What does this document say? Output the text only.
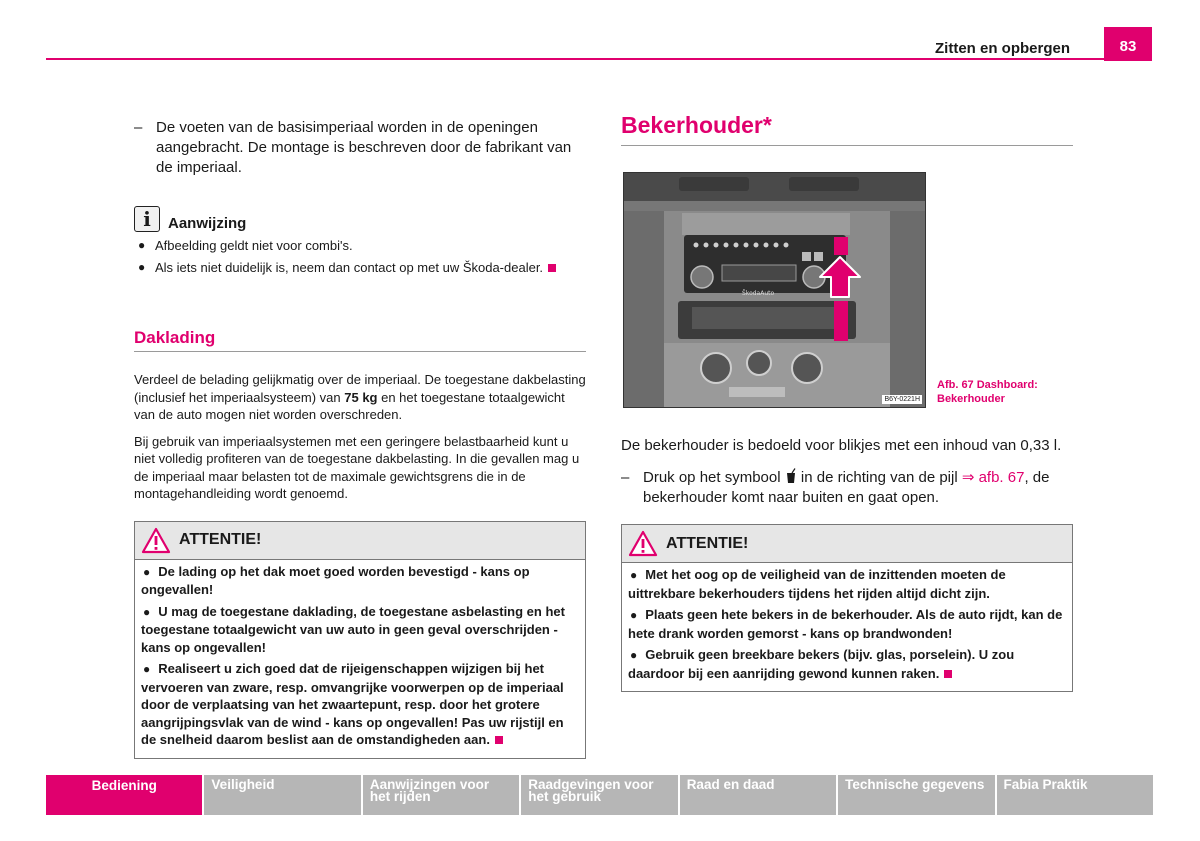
Zitten en opbergen	83
– De voeten van de basisimperiaal worden in de openingen aangebracht. De montage is beschreven door de fabrikant van de imperiaal.
i	Aanwijzing
● Afbeelding geldt niet voor combi's.
● Als iets niet duidelijk is, neem dan contact op met uw Škoda-dealer.
Daklading

Verdeel de belading gelijkmatig over de imperiaal. De toegestane dakbelasting (inclusief het imperiaalsysteem) van 75 kg en het toegestane totaalgewicht van de auto mogen niet worden overschreden.

Bij gebruik van imperiaalsystemen met een geringere belastbaarheid kunt u niet volledig profiteren van de toegestane dakbelasting. In die gevallen mag u de imperiaal maar belasten tot de maximale gewichtsgrens die in de montagehandleiding wordt genoemd.

ATTENTIE!
● De lading op het dak moet goed worden bevestigd - kans op ongevallen!
● U mag de toegestane daklading, de toegestane asbelasting en het toegestane totaalgewicht van uw auto in geen geval overschrijden - kans op ongevallen!
● Realiseert u zich goed dat de rijeigenschappen wijzigen bij het vervoeren van zware, resp. omvangrijke voorwerpen op de imperiaal door de verplaatsing van het zwaartepunt, resp. door het grotere aangrijpingsvlak van de wind - kans op ongevallen! Pas uw rijstijl en de snelheid daarom beslist aan de omstandigheden aan.
Bekerhouder*
ŠkodaAuto
B6Y-0221H
Afb. 67 Dashboard:
Bekerhouder

De bekerhouder is bedoeld voor blikjes met een inhoud van 0,33 l.

– Druk op het symbool  in de richting van de pijl ⇒ afb. 67, de bekerhouder komt naar buiten en gaat open.
ATTENTIE!
● Met het oog op de veiligheid van de inzittenden moeten de uittrekbare bekerhouders tijdens het rijden altijd dicht zijn.
● Plaats geen hete bekers in de bekerhouder. Als de auto rijdt, kan de hete drank worden gemorst - kans op brandwonden!
● Gebruik geen breekbare bekers (bijv. glas, porselein). U zou daardoor bij een aanrijding gewond kunnen raken.
Bediening	Veiligheid	Aanwijzingen voor het rijden
Raadgevingen voor het gebruik
Raad en daad	Technische gegevens	Fabia Praktik
